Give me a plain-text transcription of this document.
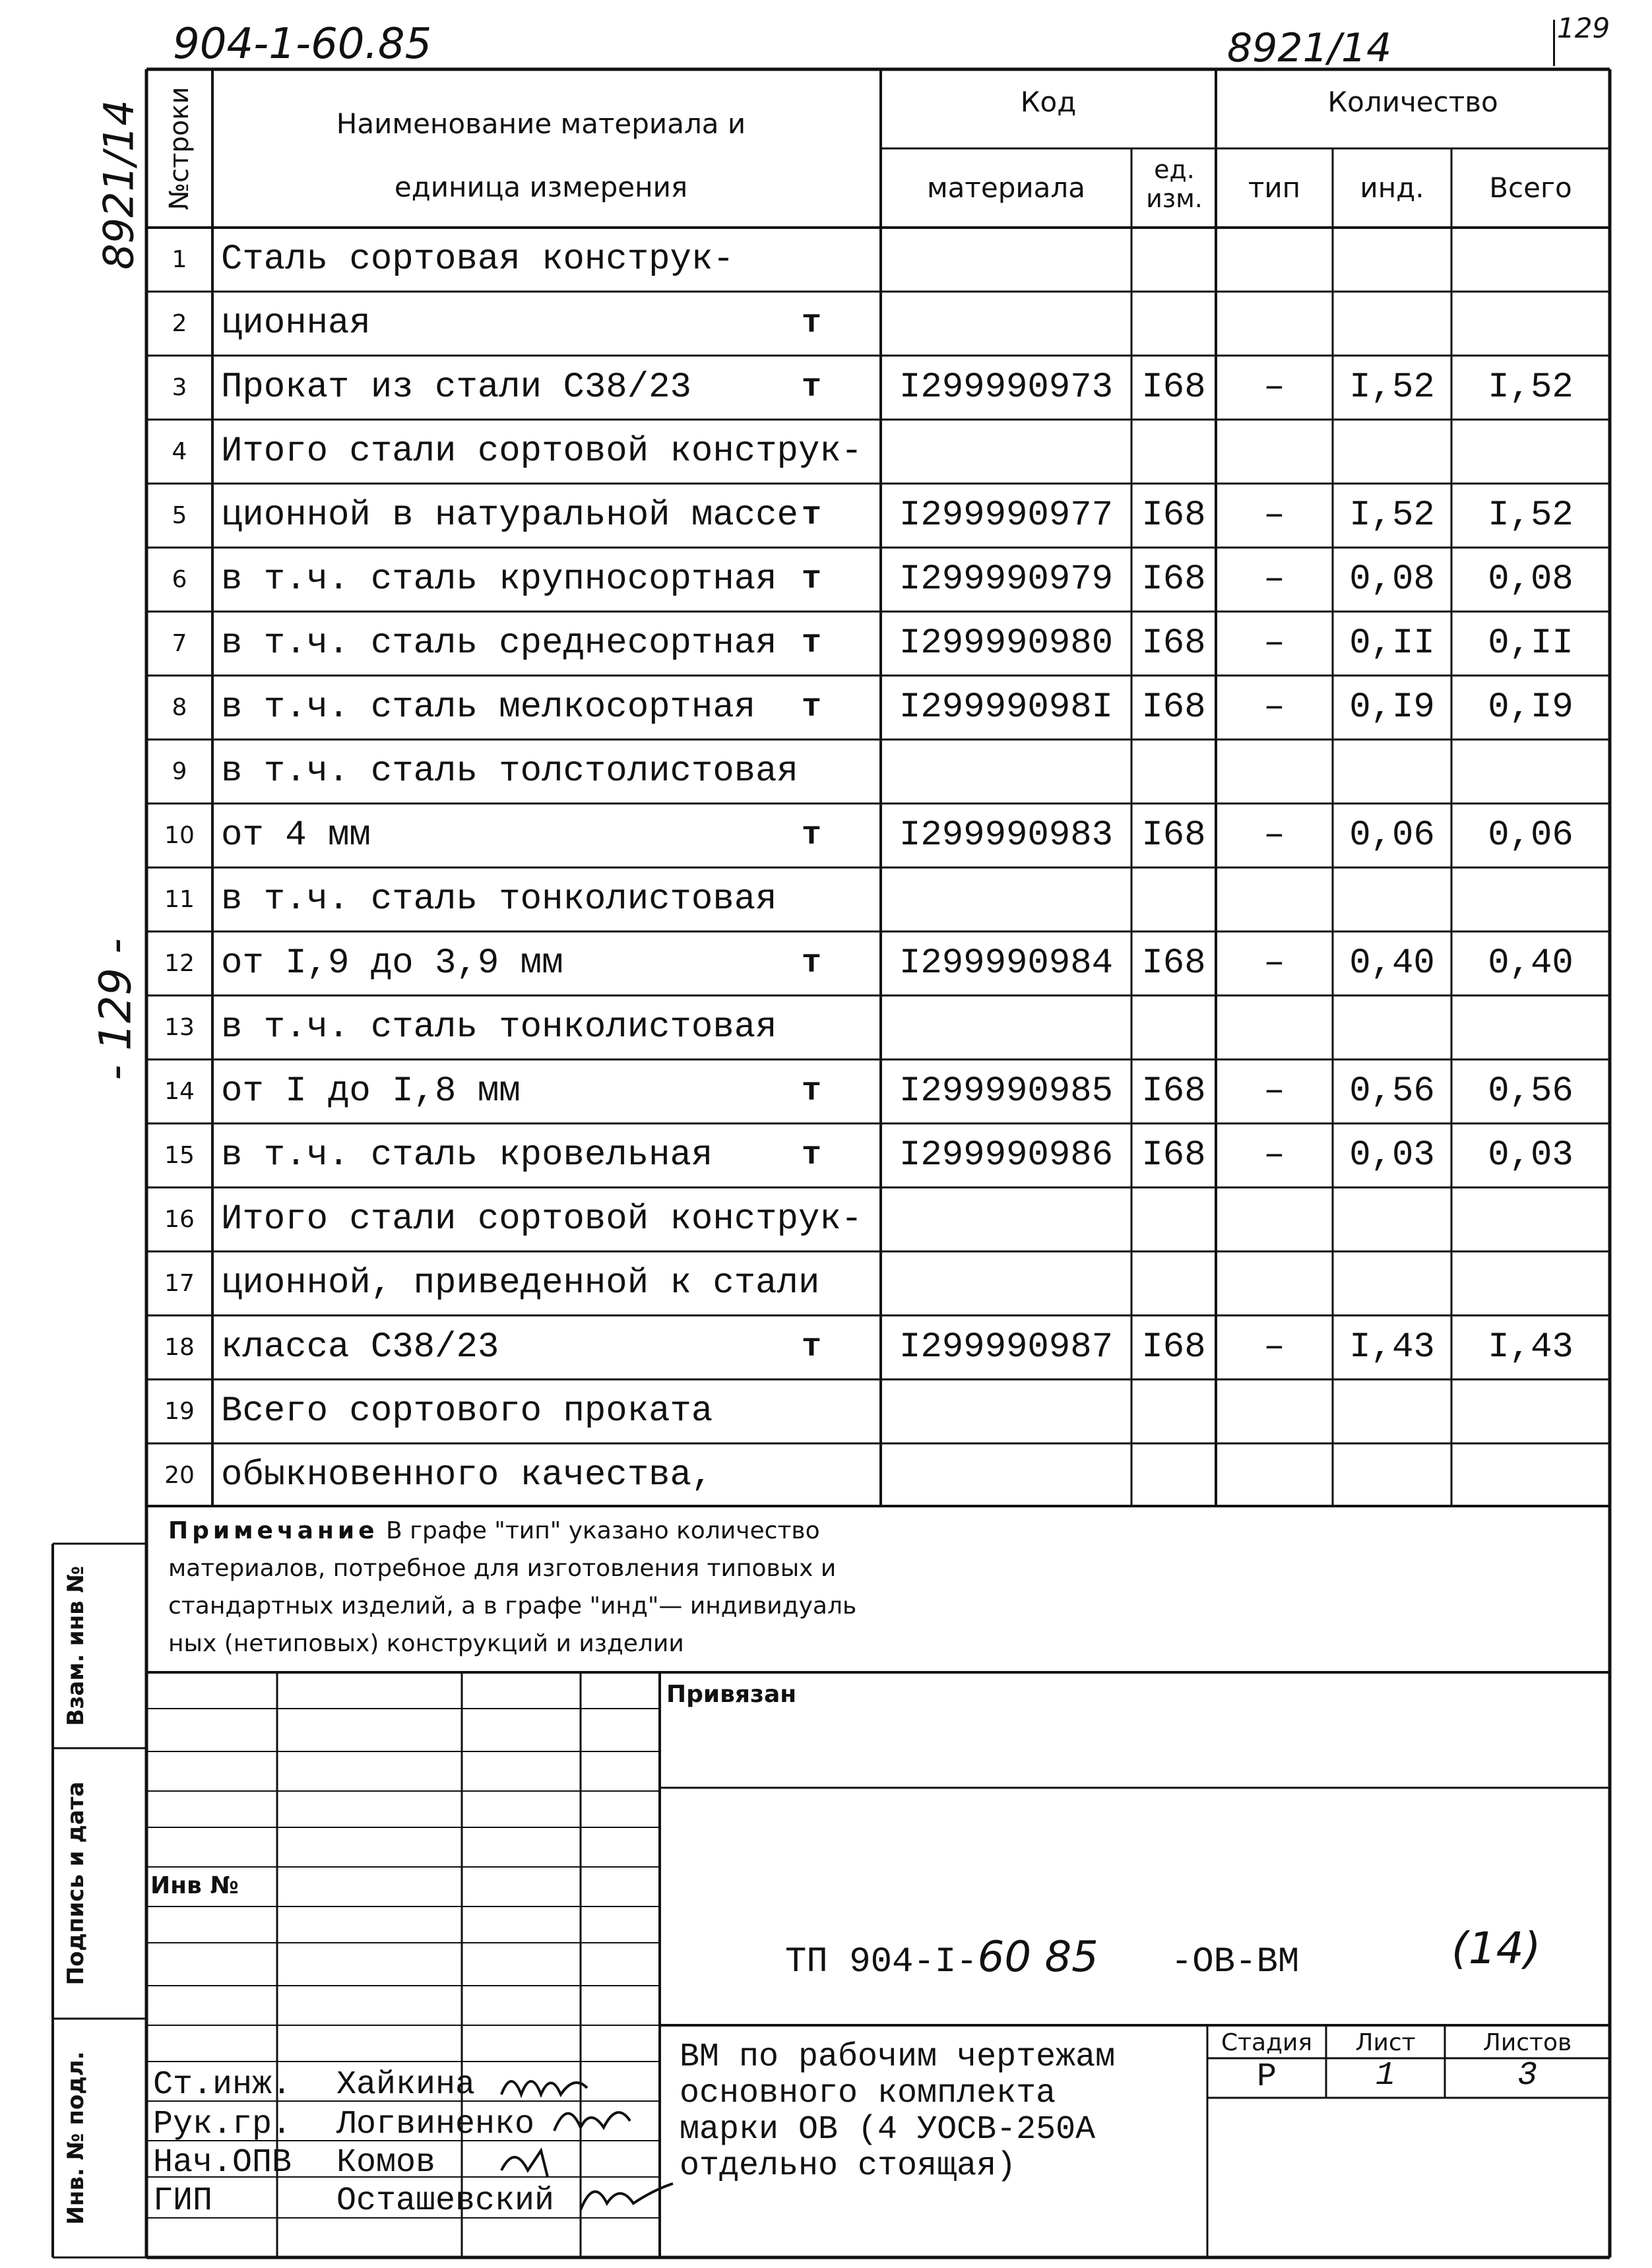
904-1-60.85	8921/14	129
8921/14
- 129 -
№строки	Наименование материала и единица измерения
Код
материала
ед. изм.
Количество
тип	инд.	Всего
1 Сталь сортовая конструк-
2 ционная	т
3 Прокат из стали С38/23	т	I299990973 I68	–	I,52	I,52
4 Итого стали сортовой конструк-
5 ционной в натуральной массе т	I299990977 I68	–	I,52	I,52
6 в т.ч. сталь крупносортная т	I299990979 I68	–	0,08	0,08
7 в т.ч. сталь среднесортная т	I299990980 I68	–	0,II	0,II
8 в т.ч. сталь мелкосортная	т	I29999098I I68	–	0,I9	0,I9
9 в т.ч. сталь толстолистовая
10 от 4 мм	т	I299990983 I68	–	0,06	0,06
11 в т.ч. сталь тонколистовая
12 от I,9 до 3,9 мм	т	I299990984 I68	–	0,40	0,40
13 в т.ч. сталь тонколистовая
14 от I до I,8 мм	т	I299990985 I68	–	0,56	0,56
15 в т.ч. сталь кровельная	т	I299990986 I68	–	0,03	0,03
16 Итого стали сортовой конструк-
17 ционной, приведенной к стали
18 класса С38/23	т	I299990987 I68	–	I,43	I,43
19 Всего сортового проката
20 обыкновенного качества,
Примечание В графе "тип" указано количество
материалов, потребное для изготовления типовых и
стандартных изделий, а в графе "инд"— индивидуаль
ных (нетиповых) конструкций и изделии
Взам. инв №
Подпись и дата
Инв. № подл.
Привязан
Инв №
ТП 904-I-60 85 -ОВ-ВМ	(14)
ВМ по рабочим чертежам
основного комплекта
марки ОВ (4 УОСВ-250А
отдельно стоящая)
Стадия	Лист	Листов
Р	1	3
Ст.инж. Хайкина
Рук.гр. Логвиненко
Нач.ОПВ Комов
ГИП	Осташевский
